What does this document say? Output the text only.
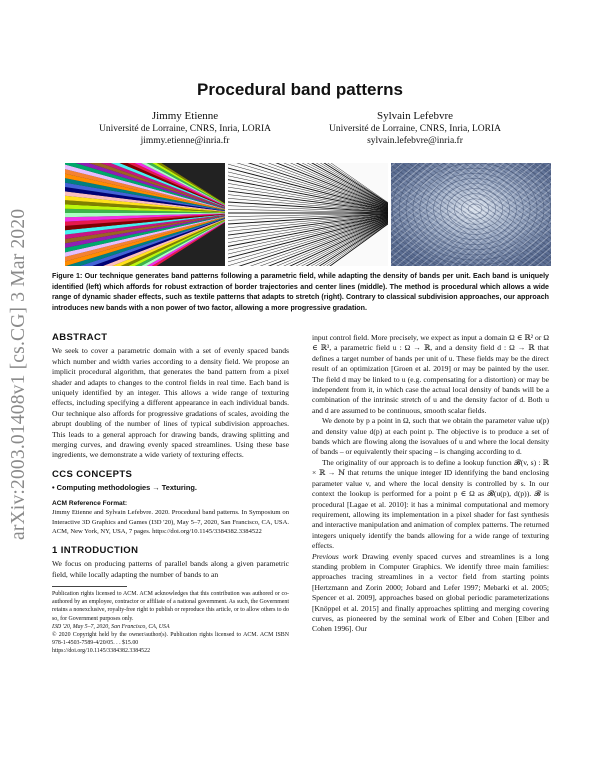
arXiv:2003.01408v1 [cs.CG] 3 Mar 2020
Procedural band patterns
Jimmy Etienne
Université de Lorraine, CNRS, Inria, LORIA
jimmy.etienne@inria.fr
Sylvain Lefebvre
Université de Lorraine, CNRS, Inria, LORIA
sylvain.lefebvre@inria.fr
Figure 1: Our technique generates band patterns following a parametric field, while adapting the density of bands per unit. Each band is uniquely identified (left) which affords for robust extraction of border trajectories and center lines (middle). The method is procedural which allows a wide range of dynamic shader effects, such as textile patterns that adapts to stretch (right). Contrary to classical subdivision approaches, our approach introduces new bands with a non power of two factor, allowing a more progressive gradation.
ABSTRACT

We seek to cover a parametric domain with a set of evenly spaced bands which number and width varies according to a density field. We propose an implicit procedural algorithm, that generates the band pattern from a pixel shader and adapts to changes to the control fields in real time. Each band is uniquely identified by an integer. This allows a wide range of texturing effects, including specifying a different appearance in each individual bands. Our technique also affords for progressive gradations of scales, avoiding the abrupt doubling of the number of lines of typical subdivision approaches. This leads to a general approach for drawing bands, drawing splitting and merging curves, and drawing evenly spaced streamlines. Using these base ingredients, we demonstrate a wide variety of texturing effects.

CCS CONCEPTS

• Computing methodologies → Texturing.

ACM Reference Format:

Jimmy Etienne and Sylvain Lefebvre. 2020. Procedural band patterns. In Symposium on Interactive 3D Graphics and Games (I3D '20), May 5–7, 2020, San Francisco, CA, USA. ACM, New York, NY, USA, 7 pages. https://doi.org/10.1145/3384382.3384522

1 INTRODUCTION

We focus on producing patterns of parallel bands along a given parametric field, while locally adapting the number of bands to an

Publication rights licensed to ACM. ACM acknowledges that this contribution was authored or co-authored by an employee, contractor or affiliate of a national government. As such, the Government retains a nonexclusive, royalty-free right to publish or reproduce this article, or to allow others to do so, for Government purposes only.

I3D '20, May 5–7, 2020, San Francisco, CA, USA

© 2020 Copyright held by the owner/author(s). Publication rights licensed to ACM. ACM ISBN 978-1-4503-7589-4/20/05. . . $15.00

https://doi.org/10.1145/3384382.3384522

input control field. More precisely, we expect as input a domain Ω ∈ ℝ² or Ω ∈ ℝ³, a parametric field u : Ω → ℝ, and a density field d : Ω → ℝ that defines a target number of bands per unit of u. These fields may be the direct result of an optimization [Groen et al. 2019] or may be painted by the user. The field d may be linked to u (e.g. compensating for a distortion) or may be independent from it, in which case the actual local density of bands will be a combination of the intrinsic stretch of u and the density factor of d. Both u and d are assumed to be continuous, smooth scalar fields.

We denote by p a point in Ω, such that we obtain the parameter value u(p) and density value d(p) at each point p. The objective is to produce a set of bands which are flowing along the isovalues of u and where the local density of bands – or equivalently their spacing – is changing according to d.

The originality of our approach is to define a lookup function 𝓑(v, s) : ℝ × ℝ → ℕ that returns the unique integer ID identifying the band enclosing parameter value v, and where the local density is controlled by s. In our context the lookup is performed for a point p ∈ Ω as 𝓑(u(p), d(p)). 𝓑 is procedural [Lagae et al. 2010]: it has a minimal computational and memory requirement, allowing its implementation in a pixel shader for fast synthesis and interactive manipulation and animation of complex patterns. The returned integers uniquely identify the bands allowing for a wide range of texturing effects.

Previous work Drawing evenly spaced curves and streamlines is a long standing problem in Computer Graphics. We identify three main families: approaches tracing streamlines in a vector field from starting points [Hertzmann and Zorin 2000; Jobard and Lefer 1997; Mebarki et al. 2005; Spencer et al. 2009], approaches based on global periodic parameterizations [Knöppel et al. 2015] and finally approaches splitting and merging covering curves, as pioneered by the seminal work of Elber and Cohen [Elber and Cohen 1996]. Our
